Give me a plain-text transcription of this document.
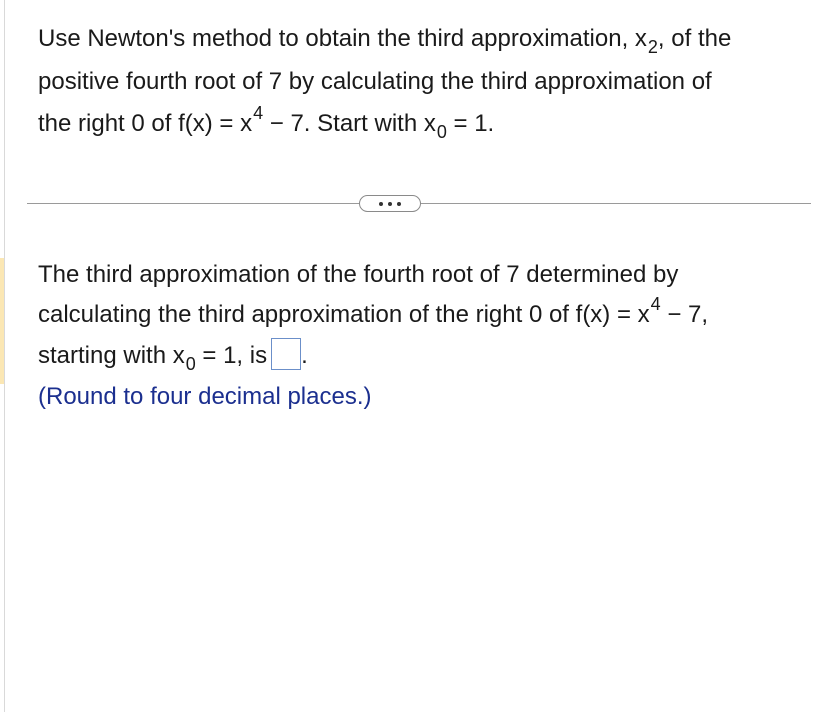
Use Newton's method to obtain the third approximation, $x_2$, of the
positive fourth root of 7 by calculating the third approximation of
the right 0 of $f(x) = x^4 - 7$. Start with $x_0 = 1$.
The third approximation of the fourth root of 7 determined by
calculating the third approximation of the right 0 of $f(x) = x^4 - 7$,
starting with $x_0 = 1$, is .
(Round to four decimal places.)
